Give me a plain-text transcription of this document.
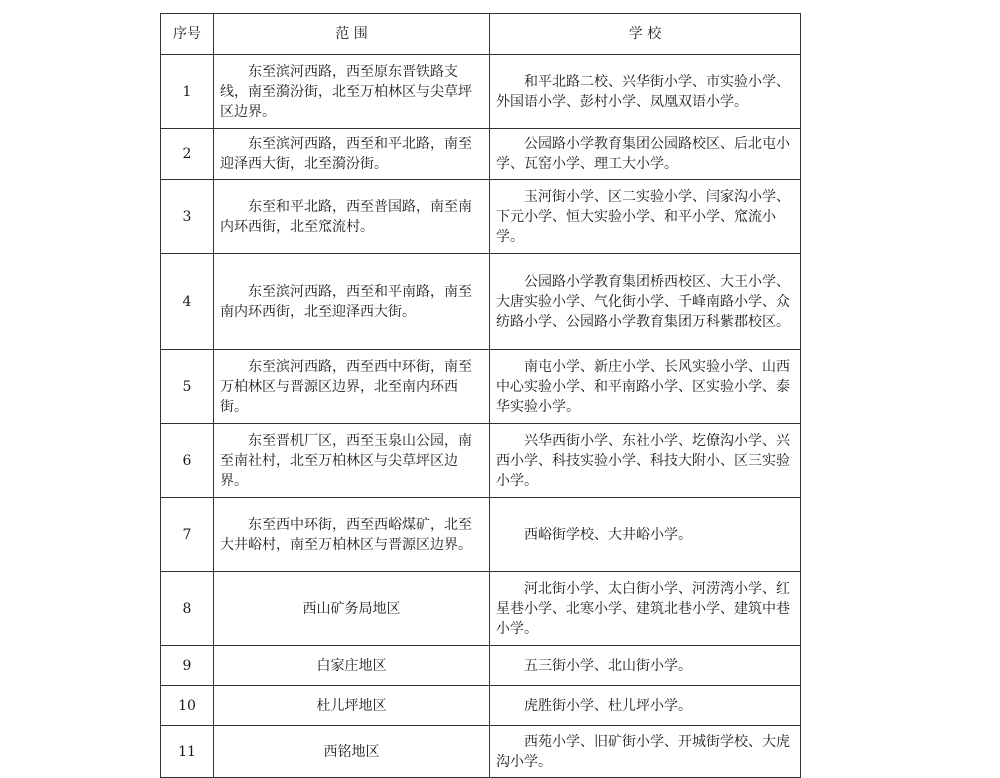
序号	范 围	学 校
1	东至滨河西路，西至原东晋铁路支线，南至漪汾街，北至万柏林区与尖草坪区边界。	和平北路二校、兴华街小学、市实验小学、外国语小学、彭村小学、凤凰双语小学。

2	东至滨河西路，西至和平北路，南至迎泽西大街，北至漪汾街。	公园路小学教育集团公园路校区、后北屯小学、瓦窑小学、理工大小学。

3	东至和平北路，西至普国路，南至南内环西街，北至窊流村。	玉河街小学、区二实验小学、闫家沟小学、下元小学、恒大实验小学、和平小学、窊流小学。

4	东至滨河西路，西至和平南路，南至南内环西街，北至迎泽西大街。	公园路小学教育集团桥西校区、大王小学、大唐实验小学、气化街小学、千峰南路小学、众纺路小学、公园路小学教育集团万科紫郡校区。

5	东至滨河西路，西至西中环街，南至万柏林区与晋源区边界，北至南内环西街。	南屯小学、新庄小学、长风实验小学、山西中心实验小学、和平南路小学、区实验小学、泰华实验小学。

6	东至晋机厂区，西至玉泉山公园，南至南社村，北至万柏林区与尖草坪区边界。	兴华西街小学、东社小学、圪僚沟小学、兴西小学、科技实验小学、科技大附小、区三实验小学。

7	东至西中环街，西至西峪煤矿，北至大井峪村，南至万柏林区与晋源区边界。	西峪街学校、大井峪小学。

8	西山矿务局地区	河北街小学、太白街小学、河涝湾小学、红星巷小学、北寒小学、建筑北巷小学、建筑中巷小学。

9	白家庄地区	五三街小学、北山街小学。

10	杜儿坪地区	虎胜街小学、杜儿坪小学。

11	西铭地区	西苑小学、旧矿街小学、开城街学校、大虎沟小学。
